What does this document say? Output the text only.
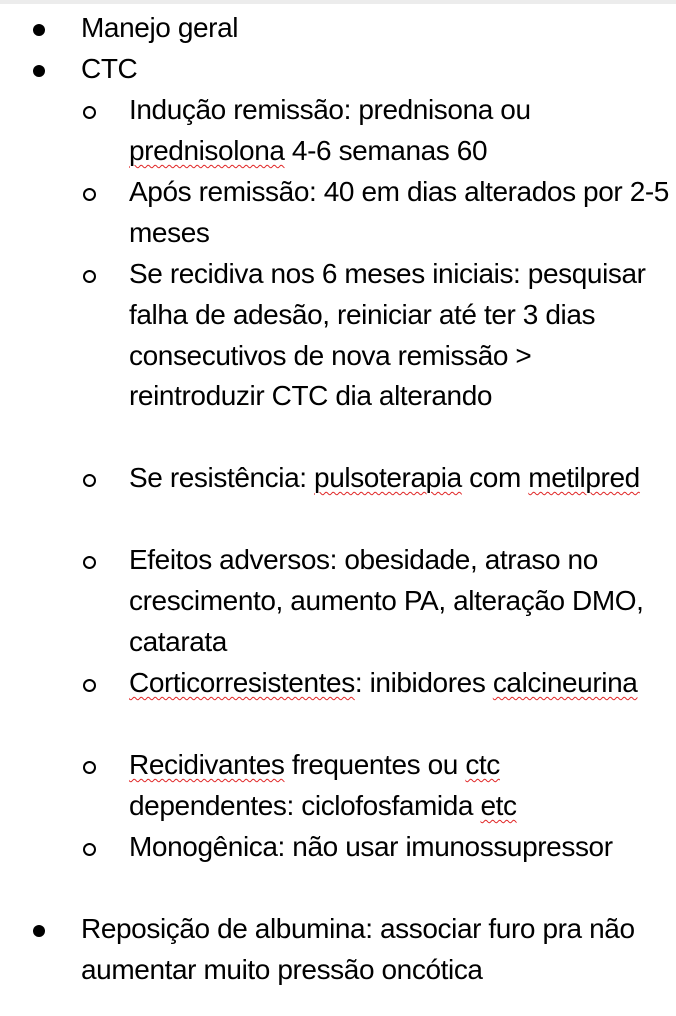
Manejo geral
CTC
Indução remissão: prednisona ou prednisolona 4-6 semanas 60
Após remissão: 40 em dias alterados por 2-5 meses
Se recidiva nos 6 meses iniciais: pesquisar falha de adesão, reiniciar até ter 3 dias consecutivos de nova remissão > reintroduzir CTC dia alterando
Se resistência: pulsoterapia com metilpred
Efeitos adversos: obesidade, atraso no crescimento, aumento PA, alteração DMO, catarata
Corticorresistentes: inibidores calcineurina
Recidivantes frequentes ou ctc dependentes: ciclofosfamida etc
Monogênica: não usar imunossupressor
Reposição de albumina: associar furo pra não aumentar muito pressão oncótica
